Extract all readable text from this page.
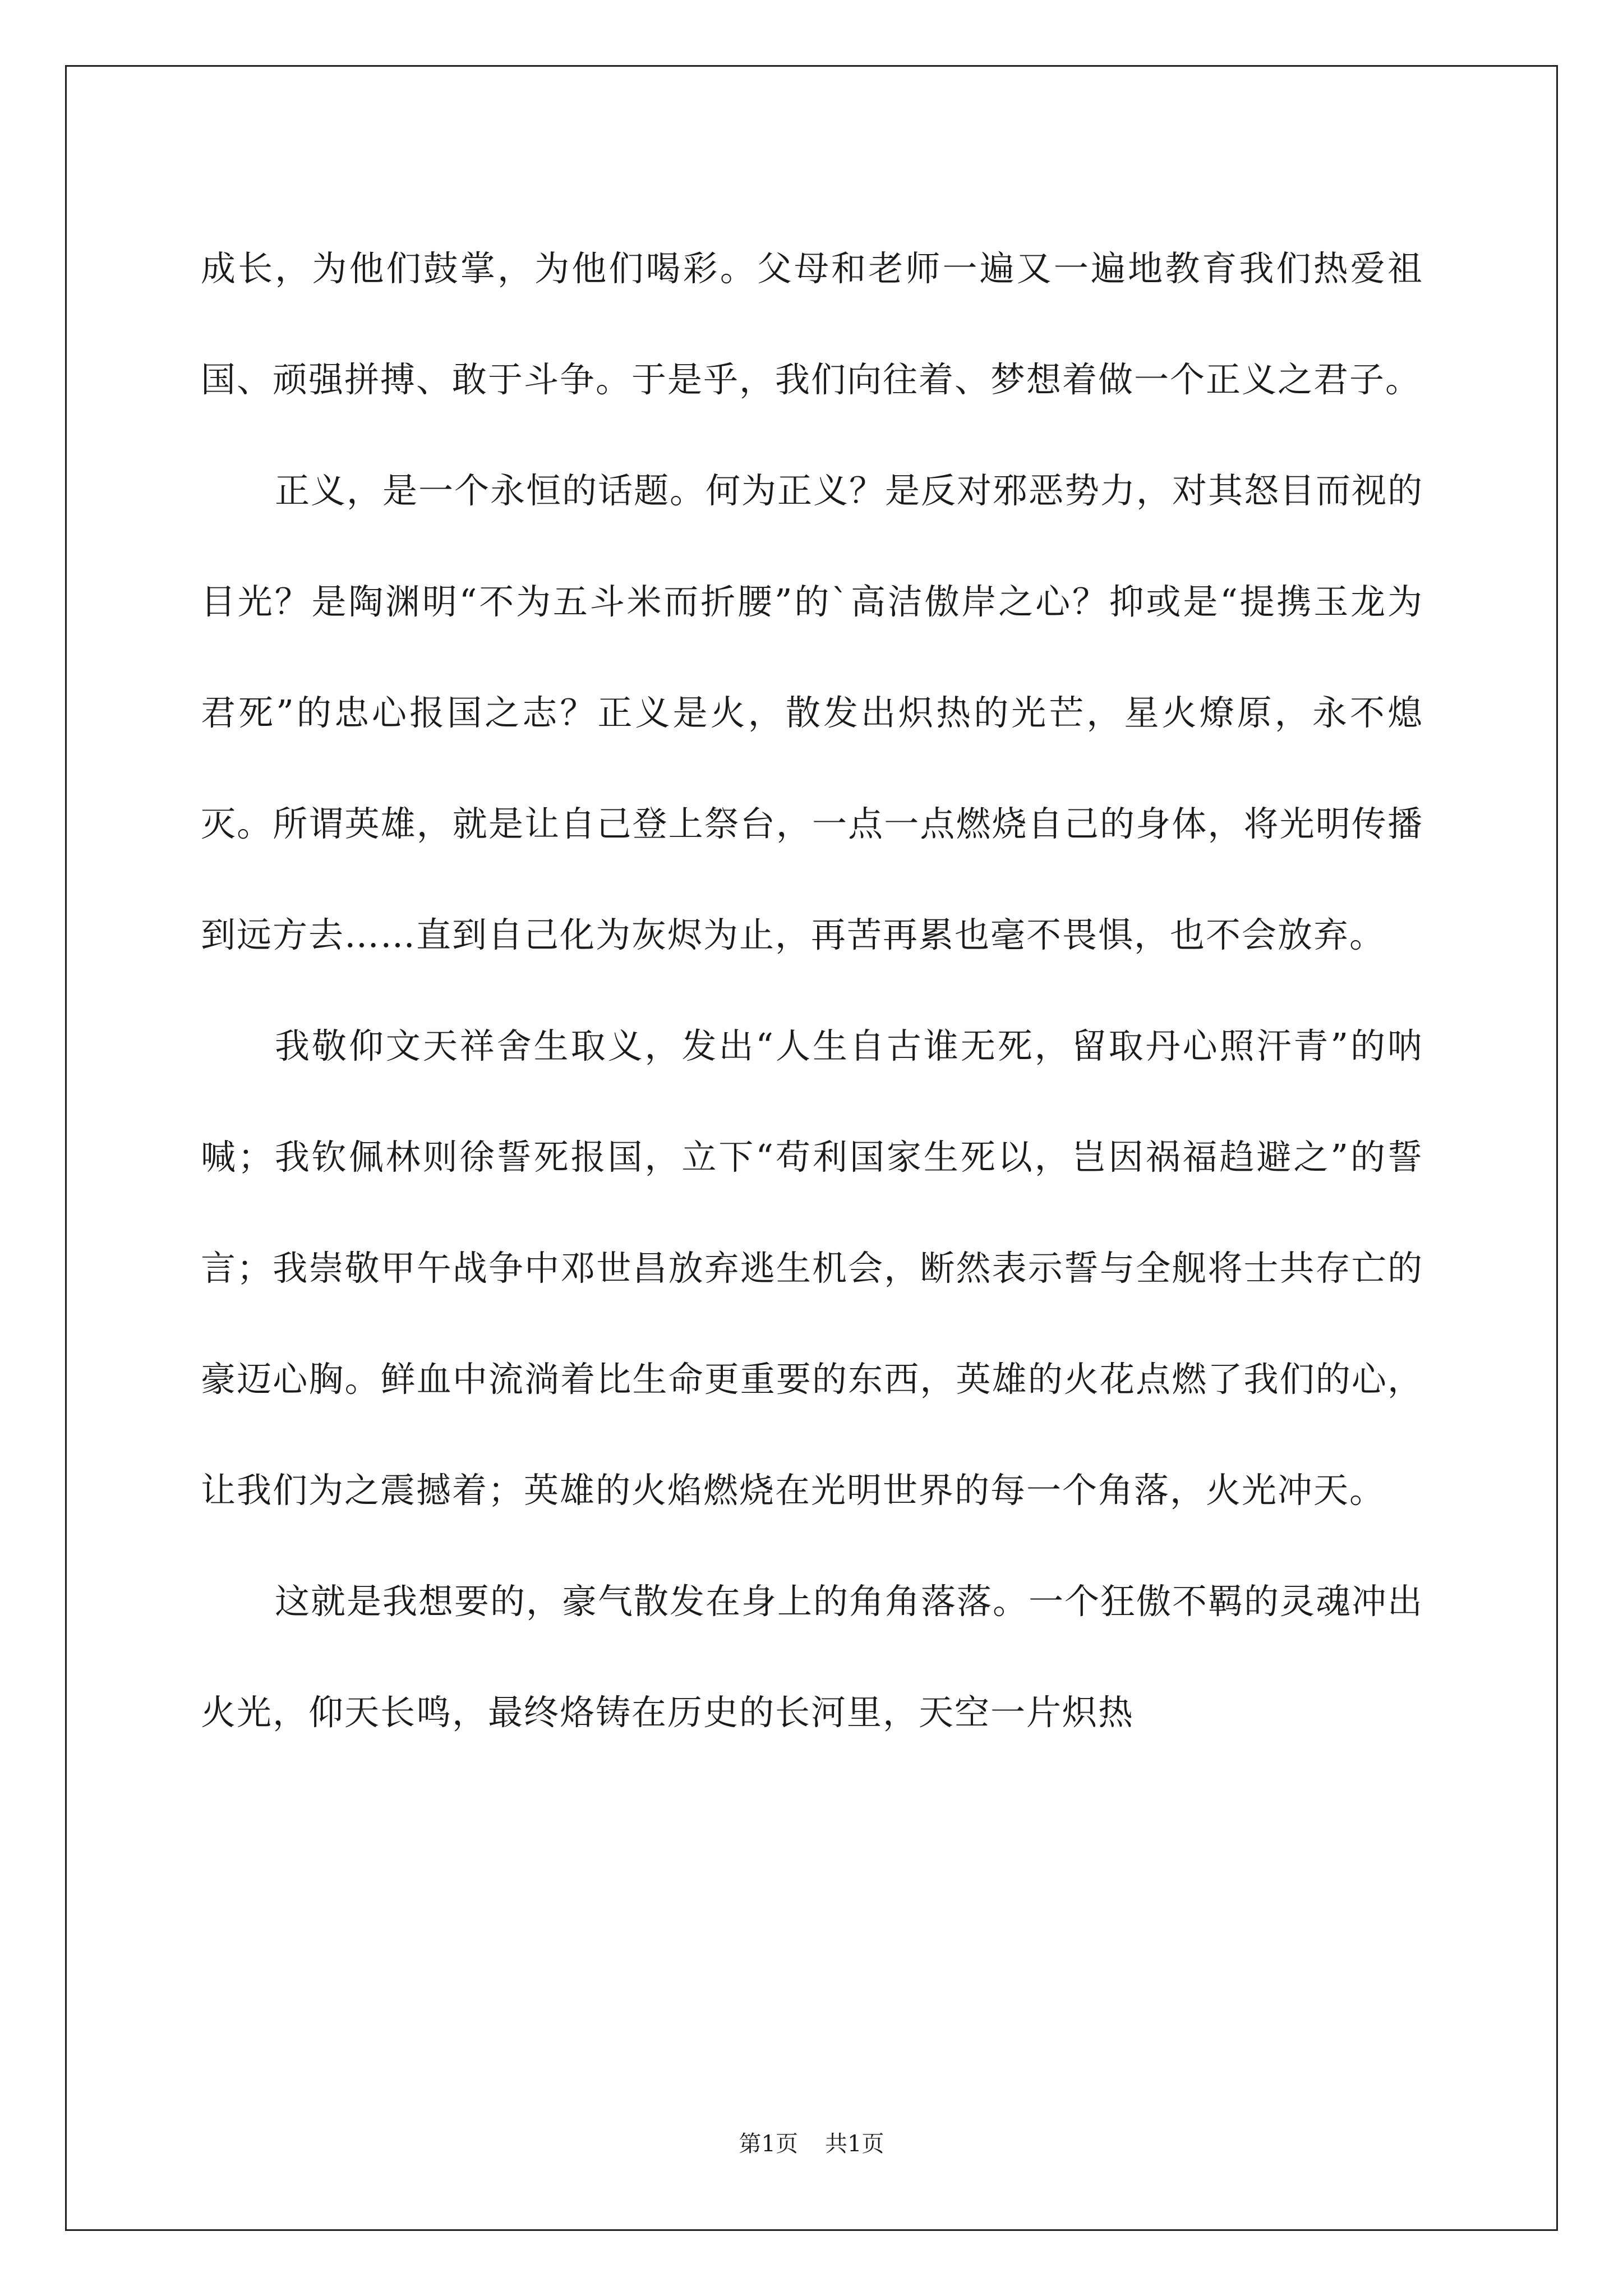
成长，为他们鼓掌，为他们喝彩。父母和老师一遍又一遍地教育我们热爱祖国、顽强拼搏、敢于斗争。于是乎，我们向往着、梦想着做一个正义之君子。

正义，是一个永恒的话题。何为正义？是反对邪恶势力，对其怒目而视的目光？是陶渊明“不为五斗米而折腰”的`高洁傲岸之心？抑或是“提携玉龙为君死”的忠心报国之志？正义是火，散发出炽热的光芒，星火燎原，永不熄灭。所谓英雄，就是让自己登上祭台，一点一点燃烧自己的身体，将光明传播到远方去……直到自己化为灰烬为止，再苦再累也毫不畏惧，也不会放弃。

我敬仰文天祥舍生取义，发出“人生自古谁无死，留取丹心照汗青”的呐喊；我钦佩林则徐誓死报国，立下“苟利国家生死以，岂因祸福趋避之”的誓言；我崇敬甲午战争中邓世昌放弃逃生机会，断然表示誓与全舰将士共存亡的豪迈心胸。鲜血中流淌着比生命更重要的东西，英雄的火花点燃了我们的心，让我们为之震撼着；英雄的火焰燃烧在光明世界的每一个角落，火光冲天。

这就是我想要的，豪气散发在身上的角角落落。一个狂傲不羁的灵魂冲出火光，仰天长鸣，最终烙铸在历史的长河里，天空一片炽热

第1页 共1页
